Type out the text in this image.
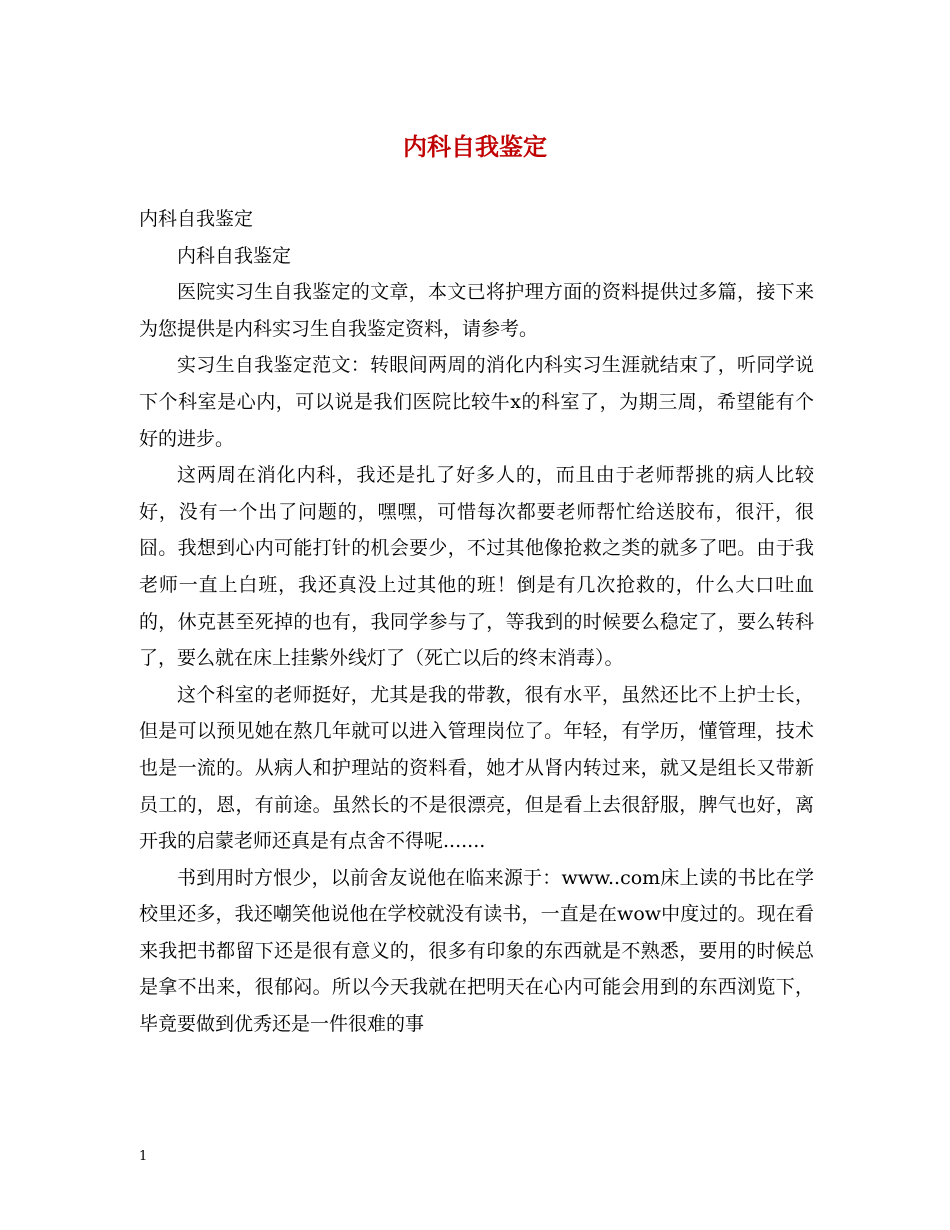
内科自我鉴定

内科自我鉴定

内科自我鉴定

医院实习生自我鉴定的文章，本文已将护理方面的资料提供过多篇，接下来为您提供是内科实习生自我鉴定资料，请参考。

实习生自我鉴定范文：转眼间两周的消化内科实习生涯就结束了，听同学说下个科室是心内，可以说是我们医院比较牛x的科室了，为期三周，希望能有个好的进步。

这两周在消化内科，我还是扎了好多人的，而且由于老师帮挑的病人比较好，没有一个出了问题的，嘿嘿，可惜每次都要老师帮忙给送胶布，很汗，很囧。我想到心内可能打针的机会要少，不过其他像抢救之类的就多了吧。由于我老师一直上白班，我还真没上过其他的班！倒是有几次抢救的，什么大口吐血的，休克甚至死掉的也有，我同学参与了，等我到的时候要么稳定了，要么转科了，要么就在床上挂紫外线灯了（死亡以后的终末消毒）。

这个科室的老师挺好，尤其是我的带教，很有水平，虽然还比不上护士长，但是可以预见她在熬几年就可以进入管理岗位了。年轻，有学历，懂管理，技术也是一流的。从病人和护理站的资料看，她才从肾内转过来，就又是组长又带新员工的，恩，有前途。虽然长的不是很漂亮，但是看上去很舒服，脾气也好，离开我的启蒙老师还真是有点舍不得呢.......

书到用时方恨少，以前舍友说他在临来源于：www..com床上读的书比在学校里还多，我还嘲笑他说他在学校就没有读书，一直是在wow中度过的。现在看来我把书都留下还是很有意义的，很多有印象的东西就是不熟悉，要用的时候总是拿不出来，很郁闷。所以今天我就在把明天在心内可能会用到的东西浏览下，毕竟要做到优秀还是一件很难的事

1
